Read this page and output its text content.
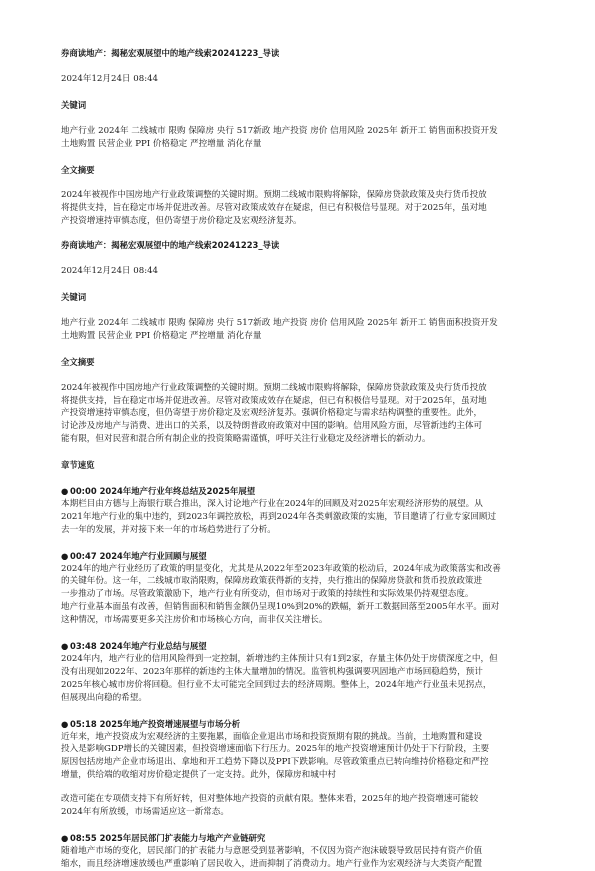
券商读地产：揭秘宏观展望中的地产线索20241223_导读

2024年12月24日 08:44

关键词

地产行业 2024年 二线城市 限购 保障房 央行 517新政 地产投资 房价 信用风险 2025年 新开工 销售面积投资开发

土地购置 民营企业 PPI 价格稳定 严控增量 消化存量

全文摘要

2024年被视作中国房地产行业政策调整的关键时期。预期二线城市限购将解除，保障房贷款政策及央行货币投放

将提供支持，旨在稳定市场并促进改善。尽管对政策成效存在疑虑，但已有积极信号显现。对于2025年，虽对地

产投资增速持审慎态度，但仍寄望于房价稳定及宏观经济复苏。

券商读地产：揭秘宏观展望中的地产线索20241223_导读

2024年12月24日 08:44

关键词

地产行业 2024年 二线城市 限购 保障房 央行 517新政 地产投资 房价 信用风险 2025年 新开工 销售面积投资开发

土地购置 民营企业 PPI 价格稳定 严控增量 消化存量

全文摘要

2024年被视作中国房地产行业政策调整的关键时期。预期二线城市限购将解除，保障房贷款政策及央行货币投放

将提供支持，旨在稳定市场并促进改善。尽管对政策成效存在疑虑，但已有积极信号显现。对于2025年，虽对地

产投资增速持审慎态度，但仍寄望于房价稳定及宏观经济复苏。强调价格稳定与需求结构调整的重要性。此外，

讨论涉及房地产与消费、进出口的关系，以及特朗普政府政策对中国的影响。信用风险方面，尽管新违约主体可

能有限，但对民营和混合所有制企业的投资策略需谨慎，呼吁关注行业稳定及经济增长的新动力。

章节速览

● 00:00 2024年地产行业年终总结及2025年展望

本期栏目由方德与上海银行联合推出，深入讨论地产行业在2024年的回顾及对2025年宏观经济形势的展望。从

2021年地产行业的集中违约，到2023年调控放松，再到2024年各类刺激政策的实施，节目邀请了行业专家回顾过

去一年的发展，并对接下来一年的市场趋势进行了分析。

● 00:47 2024年地产行业回顾与展望

2024年的地产行业经历了政策的明显变化，尤其是从2022年至2023年政策的松动后，2024年成为政策落实和改善

的关键年份。这一年，二线城市取消限购，保障房政策获得新的支持，央行推出的保障房贷款和货币投放政策进

一步推动了市场。尽管政策激励下，地产行业有所变动，但市场对于政策的持续性和实际效果仍持观望态度。

地产行业基本面虽有改善，但销售面积和销售金额仍呈现10%到20%的跌幅，新开工数据回落至2005年水平。面对

这种情况，市场需要更多关注房价和市场核心方向，而非仅关注增长。

● 03:48 2024年地产行业总结与展望

2024年内，地产行业的信用风险得到一定控制，新增违约主体预计只有1到2家，存量主体仍处于房债深度之中，但

没有出现如2022年、2023年那样的新违约主体大量增加的情况。监管机构强调要巩固地产市场回稳趋势，预计

2025年核心城市房价将回稳。但行业不太可能完全回到过去的经济周期。整体上，2024年地产行业虽未见拐点，

但展现出向稳的希望。

● 05:18 2025年地产投资增速展望与市场分析

近年来，地产投资成为宏观经济的主要拖累，面临企业退出市场和投资预期有限的挑战。当前，土地购置和建设

投入是影响GDP增长的关键因素，但投资增速面临下行压力。2025年的地产投资增速预计仍处于下行阶段，主要

原因包括房地产企业市场退出、拿地和开工趋势下降以及PPI下跌影响。尽管政策重点已转向维持价格稳定和严控

增量，供给端的收缩对房价稳定提供了一定支持。此外，保障房和城中村

改造可能在专项债支持下有所好转，但对整体地产投资的贡献有限。整体来看，2025年的地产投资增速可能较

2024年有所放缓，市场需适应这一新常态。

● 08:55 2025年居民部门扩表能力与地产产业链研究

随着地产市场的变化，居民部门的扩表能力与意愿受到显著影响，不仅因为资产泡沫破裂导致居民持有资产价值

缩水，而且经济增速放缓也严重影响了居民收入，进而抑制了消费动力。地产行业作为宏观经济与大类资产配置
